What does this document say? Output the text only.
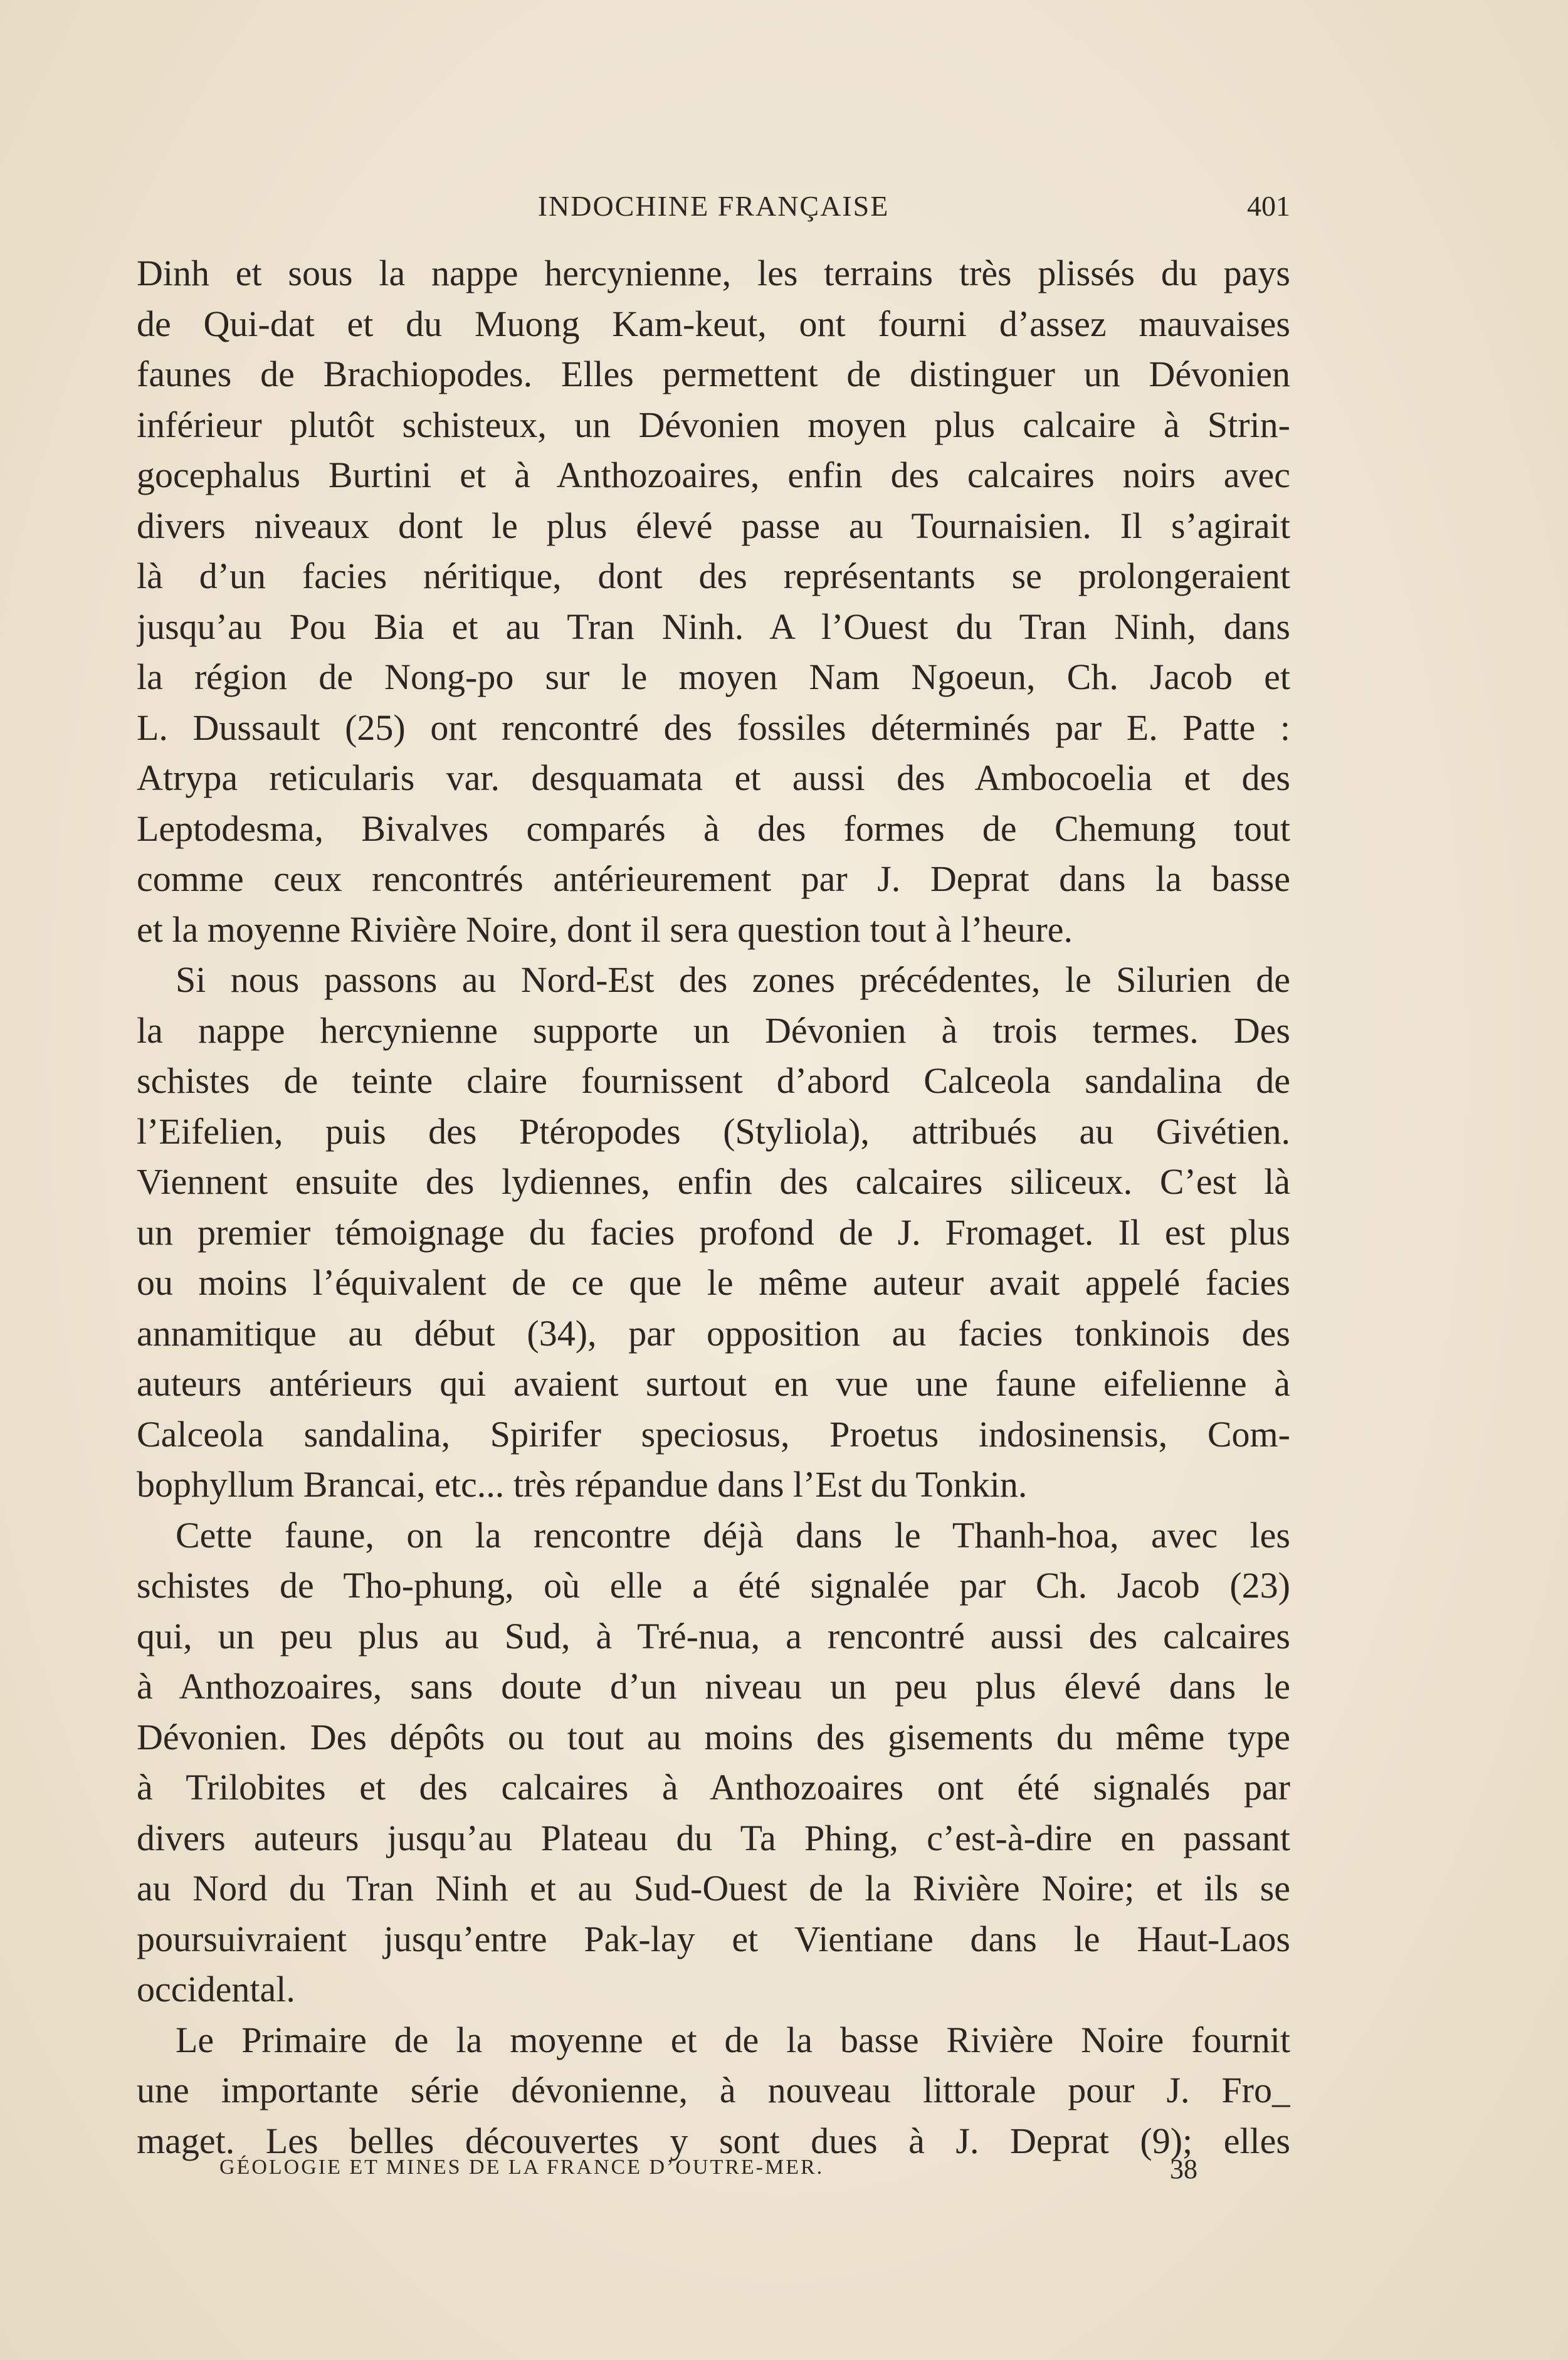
INDOCHINE FRANÇAISE	401
Dinh et sous la nappe hercynienne, les terrains très plissés du pays
de Qui-dat et du Muong Kam-keut, ont fourni d’assez mauvaises
faunes de Brachiopodes. Elles permettent de distinguer un Dévonien
inférieur plutôt schisteux, un Dévonien moyen plus calcaire à Strin-
gocephalus Burtini et à Anthozoaires, enfin des calcaires noirs avec
divers niveaux dont le plus élevé passe au Tournaisien. Il s’agirait
là d’un facies néritique, dont des représentants se prolongeraient
jusqu’au Pou Bia et au Tran Ninh. A l’Ouest du Tran Ninh, dans
la région de Nong-po sur le moyen Nam Ngoeun, Ch. Jacob et
L. Dussault (25) ont rencontré des fossiles déterminés par E. Patte :
Atrypa reticularis var. desquamata et aussi des Ambocoelia et des
Leptodesma, Bivalves comparés à des formes de Chemung tout
comme ceux rencontrés antérieurement par J. Deprat dans la basse
et la moyenne Rivière Noire, dont il sera question tout à l’heure.
Si nous passons au Nord-Est des zones précédentes, le Silurien de
la nappe hercynienne supporte un Dévonien à trois termes. Des
schistes de teinte claire fournissent d’abord Calceola sandalina de
l’Eifelien, puis des Ptéropodes (Styliola), attribués au Givétien.
Viennent ensuite des lydiennes, enfin des calcaires siliceux. C’est là
un premier témoignage du facies profond de J. Fromaget. Il est plus
ou moins l’équivalent de ce que le même auteur avait appelé facies
annamitique au début (34), par opposition au facies tonkinois des
auteurs antérieurs qui avaient surtout en vue une faune eifelienne à
Calceola sandalina, Spirifer speciosus, Proetus indosinensis, Com-
bophyllum Brancai, etc... très répandue dans l’Est du Tonkin.
Cette faune, on la rencontre déjà dans le Thanh-hoa, avec les
schistes de Tho-phung, où elle a été signalée par Ch. Jacob (23)
qui, un peu plus au Sud, à Tré-nua, a rencontré aussi des calcaires
à Anthozoaires, sans doute d’un niveau un peu plus élevé dans le
Dévonien. Des dépôts ou tout au moins des gisements du même type
à Trilobites et des calcaires à Anthozoaires ont été signalés par
divers auteurs jusqu’au Plateau du Ta Phing, c’est-à-dire en passant
au Nord du Tran Ninh et au Sud-Ouest de la Rivière Noire; et ils se
poursuivraient jusqu’entre Pak-lay et Vientiane dans le Haut-Laos
occidental.
Le Primaire de la moyenne et de la basse Rivière Noire fournit
une importante série dévonienne, à nouveau littorale pour J. Fro_
maget. Les belles découvertes y sont dues à J. Deprat (9); elles
GÉOLOGIE ET MINES DE LA FRANCE D’OUTRE-MER.	38
